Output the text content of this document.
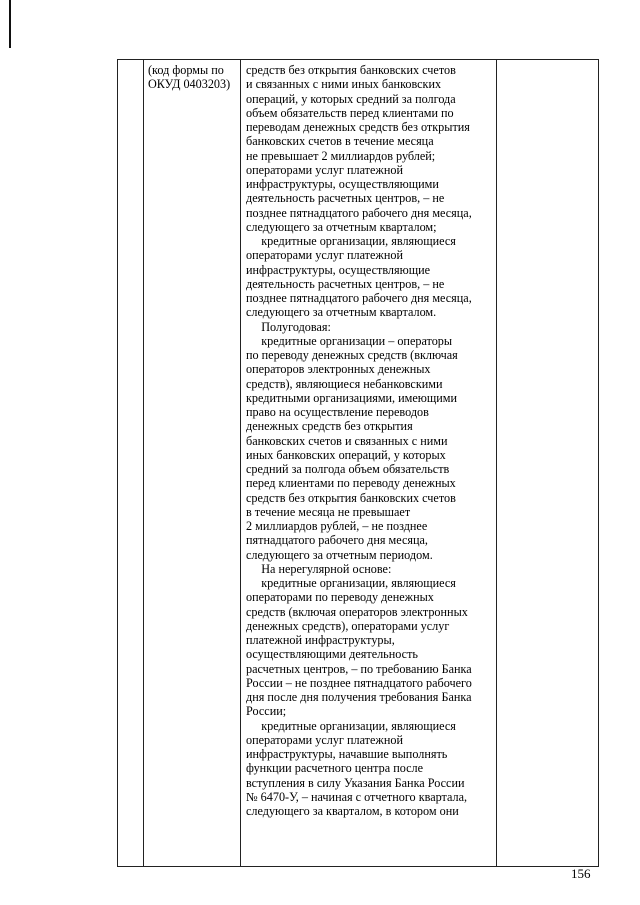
(код формы по
ОКУД 0403203)
средств без открытия банковских счетов
и связанных с ними иных банковских
операций, у которых средний за полгода
объем обязательств перед клиентами по
переводам денежных средств без открытия
банковских счетов в течение месяца
не превышает 2 миллиардов рублей;
операторами услуг платежной
инфраструктуры, осуществляющими
деятельность расчетных центров, – не
позднее пятнадцатого рабочего дня месяца,
следующего за отчетным кварталом;
кредитные организации, являющиеся
операторами услуг платежной
инфраструктуры, осуществляющие
деятельность расчетных центров, – не
позднее пятнадцатого рабочего дня месяца,
следующего за отчетным кварталом.
Полугодовая:
кредитные организации – операторы
по переводу денежных средств (включая
операторов электронных денежных
средств), являющиеся небанковскими
кредитными организациями, имеющими
право на осуществление переводов
денежных средств без открытия
банковских счетов и связанных с ними
иных банковских операций, у которых
средний за полгода объем обязательств
перед клиентами по переводу денежных
средств без открытия банковских счетов
в течение месяца не превышает
2 миллиардов рублей, – не позднее
пятнадцатого рабочего дня месяца,
следующего за отчетным периодом.
На нерегулярной основе:
кредитные организации, являющиеся
операторами по переводу денежных
средств (включая операторов электронных
денежных средств), операторами услуг
платежной инфраструктуры,
осуществляющими деятельность
расчетных центров, – по требованию Банка
России – не позднее пятнадцатого рабочего
дня после дня получения требования Банка
России;
кредитные организации, являющиеся
операторами услуг платежной
инфраструктуры, начавшие выполнять
функции расчетного центра после
вступления в силу Указания Банка России
№ 6470-У, – начиная с отчетного квартала,
следующего за кварталом, в котором они
156
